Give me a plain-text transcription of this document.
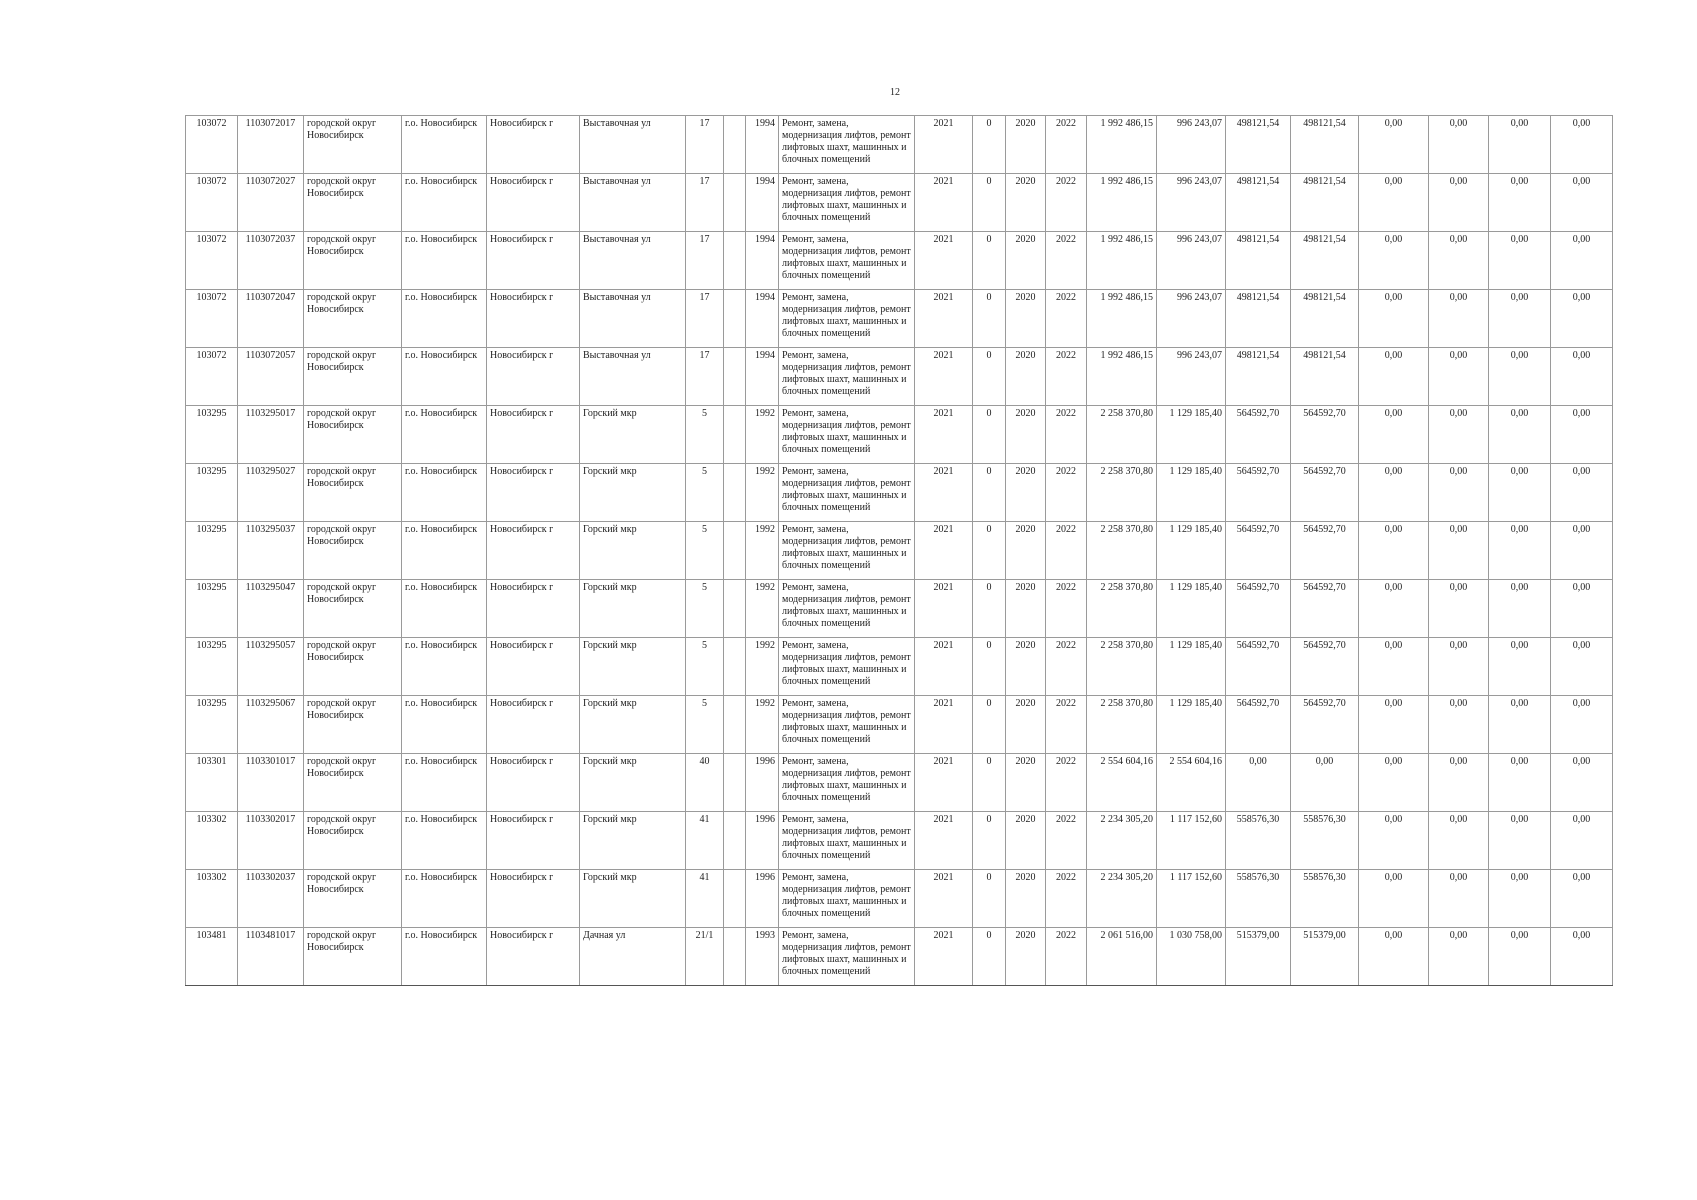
12
103072	1103072017	городской округ Новосибирск	г.о. Новосибирск	Новосибирск г	Выставочная ул	17		1994	Ремонт, замена, модернизация лифтов, ремонт лифтовых шахт, машинных и блочных помещений	2021	0	2020	2022	1 992 486,15	996 243,07	498121,54	498121,54	0,00	0,00	0,00	0,00
103072	1103072027	городской округ Новосибирск	г.о. Новосибирск	Новосибирск г	Выставочная ул	17		1994	Ремонт, замена, модернизация лифтов, ремонт лифтовых шахт, машинных и блочных помещений	2021	0	2020	2022	1 992 486,15	996 243,07	498121,54	498121,54	0,00	0,00	0,00	0,00
103072	1103072037	городской округ Новосибирск	г.о. Новосибирск	Новосибирск г	Выставочная ул	17		1994	Ремонт, замена, модернизация лифтов, ремонт лифтовых шахт, машинных и блочных помещений	2021	0	2020	2022	1 992 486,15	996 243,07	498121,54	498121,54	0,00	0,00	0,00	0,00
103072	1103072047	городской округ Новосибирск	г.о. Новосибирск	Новосибирск г	Выставочная ул	17		1994	Ремонт, замена, модернизация лифтов, ремонт лифтовых шахт, машинных и блочных помещений	2021	0	2020	2022	1 992 486,15	996 243,07	498121,54	498121,54	0,00	0,00	0,00	0,00
103072	1103072057	городской округ Новосибирск	г.о. Новосибирск	Новосибирск г	Выставочная ул	17		1994	Ремонт, замена, модернизация лифтов, ремонт лифтовых шахт, машинных и блочных помещений	2021	0	2020	2022	1 992 486,15	996 243,07	498121,54	498121,54	0,00	0,00	0,00	0,00
103295	1103295017	городской округ Новосибирск	г.о. Новосибирск	Новосибирск г	Горский мкр	5		1992	Ремонт, замена, модернизация лифтов, ремонт лифтовых шахт, машинных и блочных помещений	2021	0	2020	2022	2 258 370,80	1 129 185,40	564592,70	564592,70	0,00	0,00	0,00	0,00
103295	1103295027	городской округ Новосибирск	г.о. Новосибирск	Новосибирск г	Горский мкр	5		1992	Ремонт, замена, модернизация лифтов, ремонт лифтовых шахт, машинных и блочных помещений	2021	0	2020	2022	2 258 370,80	1 129 185,40	564592,70	564592,70	0,00	0,00	0,00	0,00
103295	1103295037	городской округ Новосибирск	г.о. Новосибирск	Новосибирск г	Горский мкр	5		1992	Ремонт, замена, модернизация лифтов, ремонт лифтовых шахт, машинных и блочных помещений	2021	0	2020	2022	2 258 370,80	1 129 185,40	564592,70	564592,70	0,00	0,00	0,00	0,00
103295	1103295047	городской округ Новосибирск	г.о. Новосибирск	Новосибирск г	Горский мкр	5		1992	Ремонт, замена, модернизация лифтов, ремонт лифтовых шахт, машинных и блочных помещений	2021	0	2020	2022	2 258 370,80	1 129 185,40	564592,70	564592,70	0,00	0,00	0,00	0,00
103295	1103295057	городской округ Новосибирск	г.о. Новосибирск	Новосибирск г	Горский мкр	5		1992	Ремонт, замена, модернизация лифтов, ремонт лифтовых шахт, машинных и блочных помещений	2021	0	2020	2022	2 258 370,80	1 129 185,40	564592,70	564592,70	0,00	0,00	0,00	0,00
103295	1103295067	городской округ Новосибирск	г.о. Новосибирск	Новосибирск г	Горский мкр	5		1992	Ремонт, замена, модернизация лифтов, ремонт лифтовых шахт, машинных и блочных помещений	2021	0	2020	2022	2 258 370,80	1 129 185,40	564592,70	564592,70	0,00	0,00	0,00	0,00
103301	1103301017	городской округ Новосибирск	г.о. Новосибирск	Новосибирск г	Горский мкр	40		1996	Ремонт, замена, модернизация лифтов, ремонт лифтовых шахт, машинных и блочных помещений	2021	0	2020	2022	2 554 604,16	2 554 604,16	0,00	0,00	0,00	0,00	0,00	0,00
103302	1103302017	городской округ Новосибирск	г.о. Новосибирск	Новосибирск г	Горский мкр	41		1996	Ремонт, замена, модернизация лифтов, ремонт лифтовых шахт, машинных и блочных помещений	2021	0	2020	2022	2 234 305,20	1 117 152,60	558576,30	558576,30	0,00	0,00	0,00	0,00
103302	1103302037	городской округ Новосибирск	г.о. Новосибирск	Новосибирск г	Горский мкр	41		1996	Ремонт, замена, модернизация лифтов, ремонт лифтовых шахт, машинных и блочных помещений	2021	0	2020	2022	2 234 305,20	1 117 152,60	558576,30	558576,30	0,00	0,00	0,00	0,00
103481	1103481017	городской округ Новосибирск	г.о. Новосибирск	Новосибирск г	Дачная ул	21/1		1993	Ремонт, замена, модернизация лифтов, ремонт лифтовых шахт, машинных и блочных помещений	2021	0	2020	2022	2 061 516,00	1 030 758,00	515379,00	515379,00	0,00	0,00	0,00	0,00
